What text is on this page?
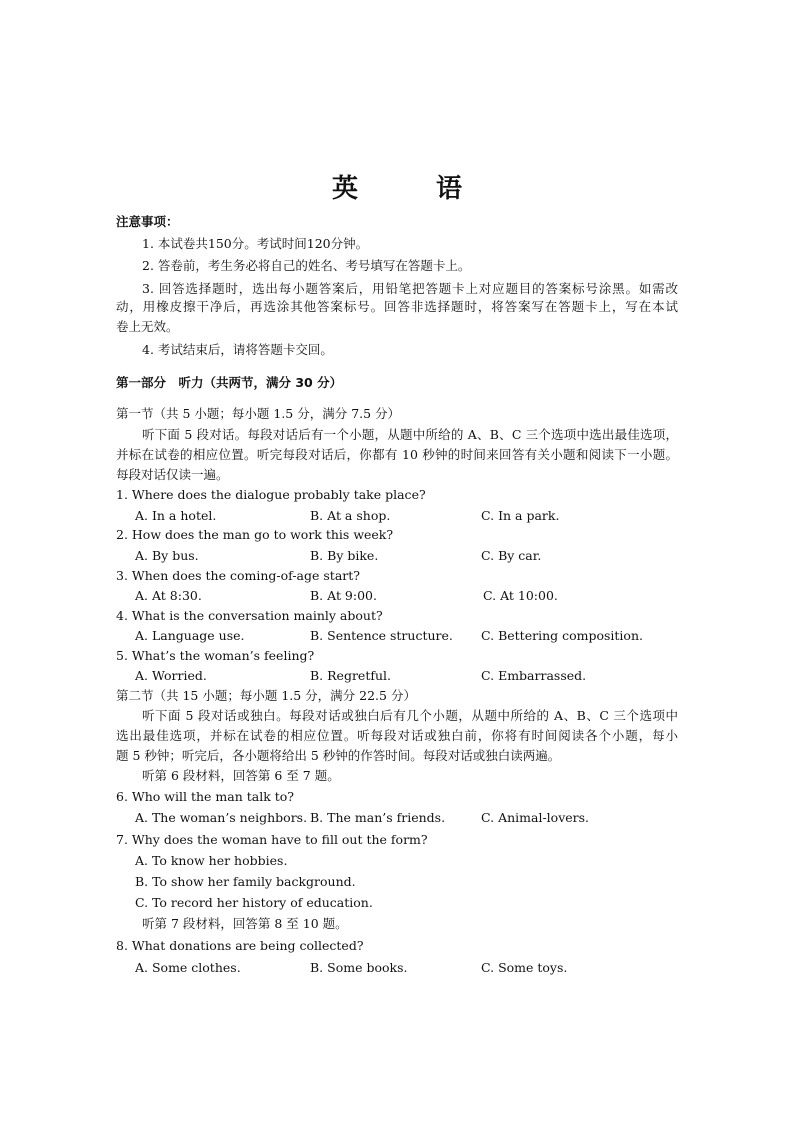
英　语
注意事项：
1. 本试卷共150分。考试时间120分钟。
2. 答卷前，考生务必将自己的姓名、考号填写在答题卡上。
3. 回答选择题时，选出每小题答案后，用铅笔把答题卡上对应题目的答案标号涂黑。如需改
动，用橡皮擦干净后，再选涂其他答案标号。回答非选择题时，将答案写在答题卡上，写在本试
卷上无效。
4. 考试结束后，请将答题卡交回。
第一部分　听力（共两节，满分 30 分）
第一节（共 5 小题；每小题 1.5 分，满分 7.5 分）
听下面 5 段对话。每段对话后有一个小题，从题中所给的 A、B、C 三个选项中选出最佳选项，
并标在试卷的相应位置。听完每段对话后，你都有 10 秒钟的时间来回答有关小题和阅读下一小题。
每段对话仅读一遍。
1. Where does the dialogue probably take place?
A. In a hotel.	B. At a shop.	C. In a park.
2. How does the man go to work this week?
A. By bus.	B. By bike.	C. By car.
3. When does the coming-of-age start?
A. At 8:30.	B. At 9:00.	C. At 10:00.
4. What is the conversation mainly about?
A. Language use.	B. Sentence structure. C. Bettering composition.
5. What’s the woman’s feeling?
A. Worried.	B. Regretful.	C. Embarrassed.
第二节（共 15 小题；每小题 1.5 分，满分 22.5 分）
听下面 5 段对话或独白。每段对话或独白后有几个小题，从题中所给的 A、B、C 三个选项中
选出最佳选项，并标在试卷的相应位置。听每段对话或独白前，你将有时间阅读各个小题，每小
题 5 秒钟；听完后，各小题将给出 5 秒钟的作答时间。每段对话或独白读两遍。
听第 6 段材料，回答第 6 至 7 题。
6. Who will the man talk to?
A. The woman’s neighbors. B. The man’s friends.	C. Animal-lovers.
7. Why does the woman have to fill out the form?
A. To know her hobbies.
B. To show her family background.
C. To record her history of education.
听第 7 段材料，回答第 8 至 10 题。
8. What donations are being collected?
A. Some clothes.	B. Some books.	C. Some toys.
